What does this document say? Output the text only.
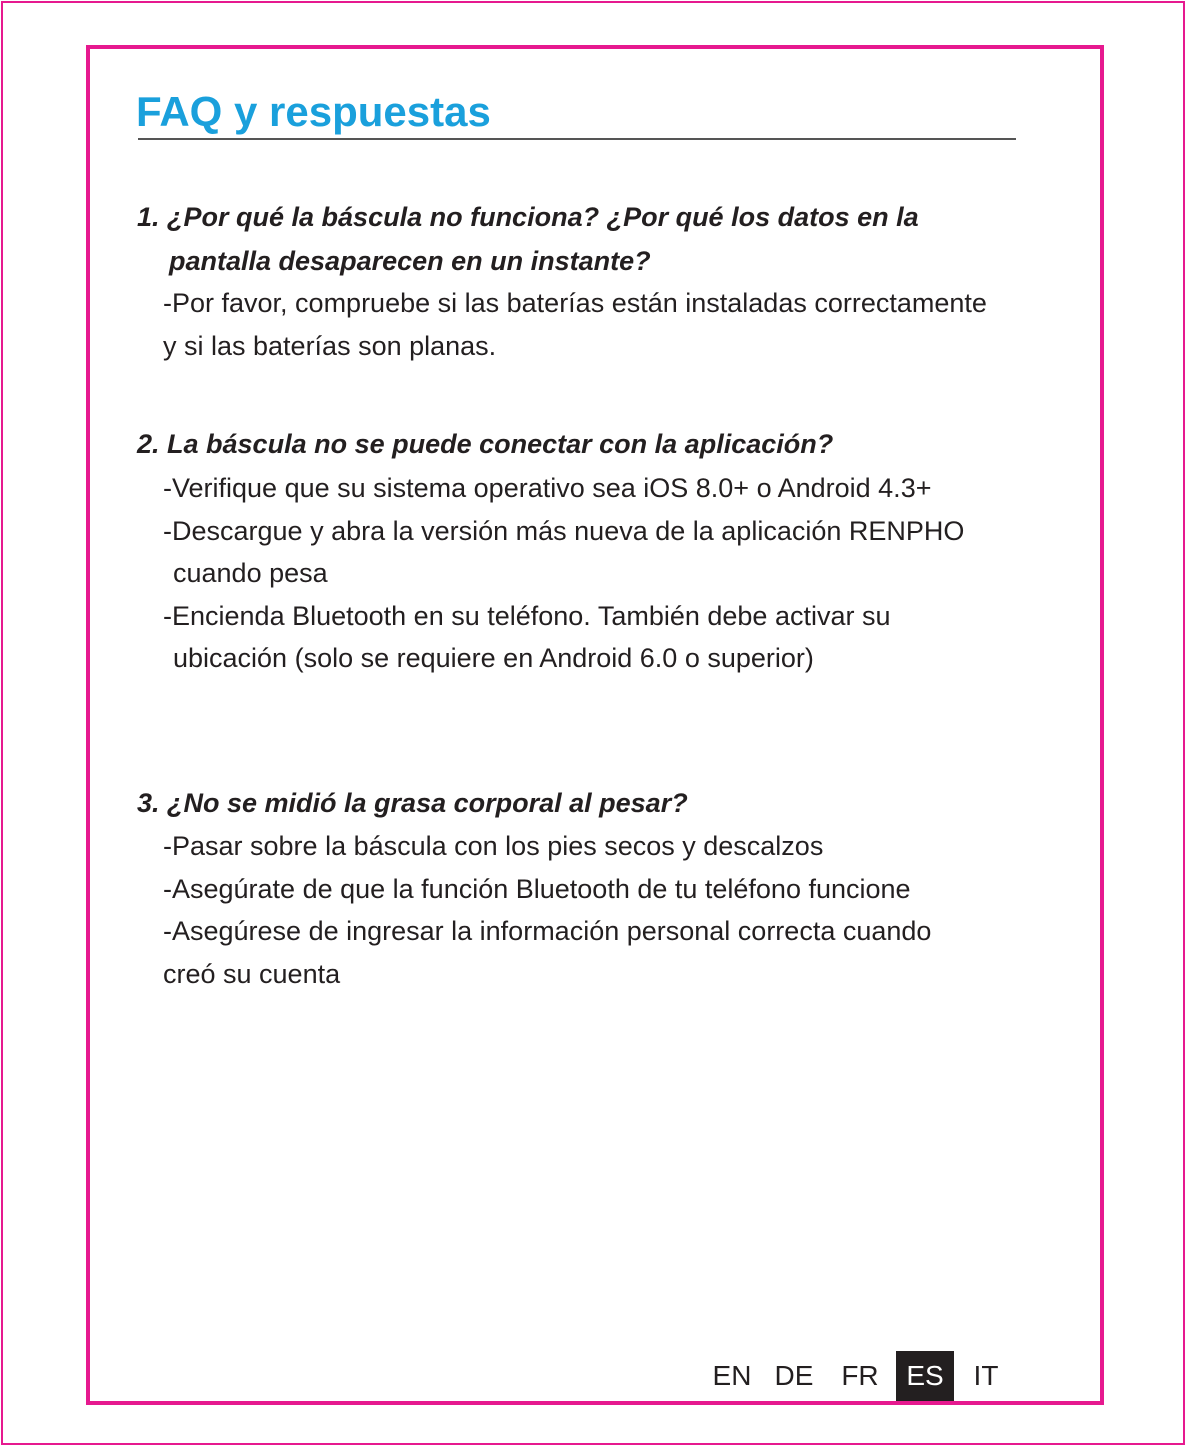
FAQ y respuestas
1. ¿Por qué la báscula no funciona? ¿Por qué los datos en la
pantalla desaparecen en un instante?
-Por favor, compruebe si las baterías están instaladas correctamente
y si las baterías son planas.
2. La báscula no se puede conectar con la aplicación?
-Verifique que su sistema operativo sea iOS 8.0+ o Android 4.3+
-Descargue y abra la versión más nueva de la aplicación RENPHO
cuando pesa
-Encienda Bluetooth en su teléfono. También debe activar su
ubicación (solo se requiere en Android 6.0 o superior)
3. ¿No se midió la grasa corporal al pesar?
-Pasar sobre la báscula con los pies secos y descalzos
-Asegúrate de que la función Bluetooth de tu teléfono funcione
-Asegúrese de ingresar la información personal correcta cuando
creó su cuenta
EN DE FR ES IT
